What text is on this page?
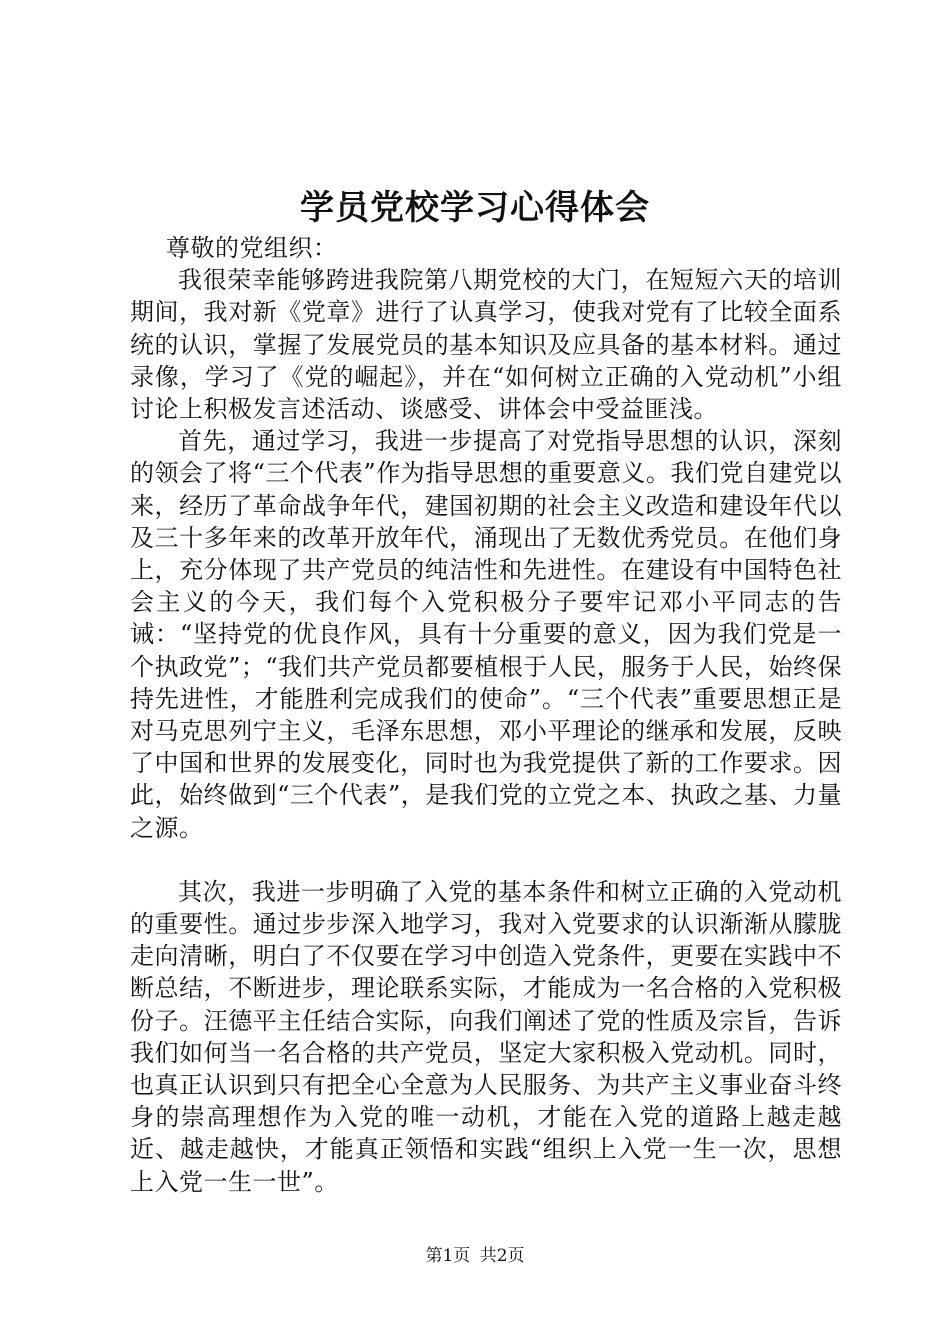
学员党校学习心得体会

尊敬的党组织：

我很荣幸能够跨进我院第八期党校的大门，在短短六天的培训期间，我对新《党章》进行了认真学习，使我对党有了比较全面系统的认识，掌握了发展党员的基本知识及应具备的基本材料。通过录像，学习了《党的崛起》，并在“如何树立正确的入党动机”小组讨论上积极发言述活动、谈感受、讲体会中受益匪浅。

首先，通过学习，我进一步提高了对党指导思想的认识，深刻的领会了将“三个代表”作为指导思想的重要意义。我们党自建党以来，经历了革命战争年代，建国初期的社会主义改造和建设年代以及三十多年来的改革开放年代，涌现出了无数优秀党员。在他们身上，充分体现了共产党员的纯洁性和先进性。在建设有中国特色社会主义的今天，我们每个入党积极分子要牢记邓小平同志的告诫：“坚持党的优良作风，具有十分重要的意义，因为我们党是一个执政党”；“我们共产党员都要植根于人民，服务于人民，始终保持先进性，才能胜利完成我们的使命”。“三个代表”重要思想正是对马克思列宁主义，毛泽东思想，邓小平理论的继承和发展，反映了中国和世界的发展变化，同时也为我党提供了新的工作要求。因此，始终做到“三个代表”，是我们党的立党之本、执政之基、力量之源。

其次，我进一步明确了入党的基本条件和树立正确的入党动机的重要性。通过步步深入地学习，我对入党要求的认识渐渐从朦胧走向清晰，明白了不仅要在学习中创造入党条件，更要在实践中不断总结，不断进步，理论联系实际，才能成为一名合格的入党积极份子。汪德平主任结合实际，向我们阐述了党的性质及宗旨，告诉我们如何当一名合格的共产党员，坚定大家积极入党动机。同时，也真正认识到只有把全心全意为人民服务、为共产主义事业奋斗终身的崇高理想作为入党的唯一动机，才能在入党的道路上越走越近、越走越快，才能真正领悟和实践“组织上入党一生一次，思想上入党一生一世”。

第1页 共2页
